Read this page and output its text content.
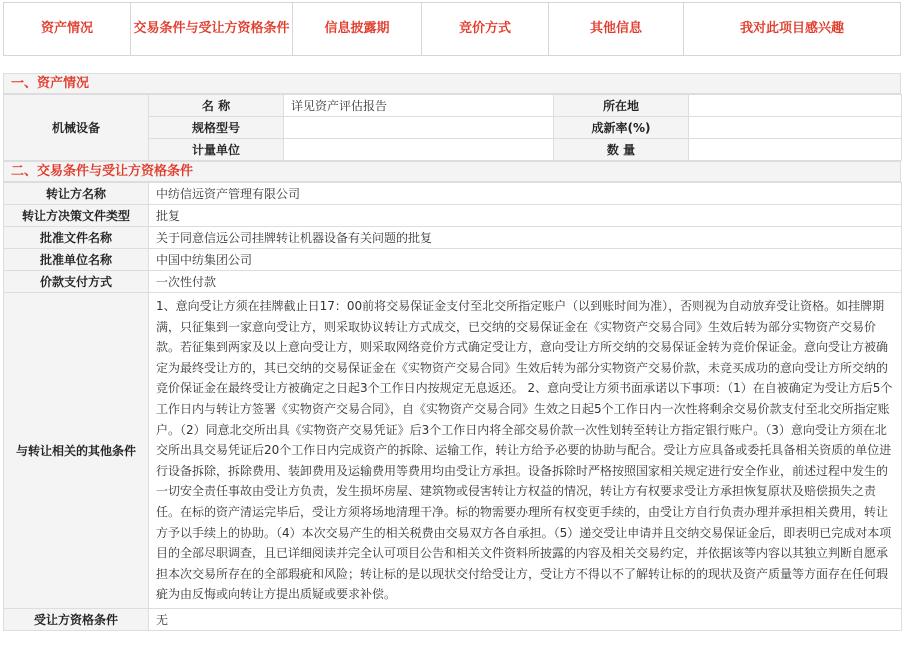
资产情况	交易条件与受让方资格条件	信息披露期	竞价方式	其他信息	我对此项目感兴趣
一、资产情况
机械设备	名 称	详见资产评估报告	所在地	
	规格型号		成新率(%)	
	计量单位		数 量	
二、交易条件与受让方资格条件
转让方名称	中纺信远资产管理有限公司
转让方决策文件类型	批复
批准文件名称	关于同意信远公司挂牌转让机器设备有关问题的批复
批准单位名称	中国中纺集团公司
价款支付方式	一次性付款
与转让相关的其他条件	1、意向受让方须在挂牌截止日17：00前将交易保证金支付至北交所指定账户（以到账时间为准），否则视为自动放弃受让资格。如挂牌期满，只征集到一家意向受让方，则采取协议转让方式成交，已交纳的交易保证金在《实物资产交易合同》生效后转为部分实物资产交易价款。若征集到两家及以上意向受让方，则采取网络竞价方式确定受让方，意向受让方所交纳的交易保证金转为竞价保证金。意向受让方被确定为最终受让方的，其已交纳的交易保证金在《实物资产交易合同》生效后转为部分实物资产交易价款，未竞买成功的意向受让方所交纳的竞价保证金在最终受让方被确定之日起3个工作日内按规定无息返还。 2、意向受让方须书面承诺以下事项：（1）在自被确定为受让方后5个工作日内与转让方签署《实物资产交易合同》，自《实物资产交易合同》生效之日起5个工作日内一次性将剩余交易价款支付至北交所指定账户。（2）同意北交所出具《实物资产交易凭证》后3个工作日内将全部交易价款一次性划转至转让方指定银行账户。（3）意向受让方须在北交所出具交易凭证后20个工作日内完成资产的拆除、运输工作，转让方给予必要的协助与配合。受让方应具备或委托具备相关资质的单位进行设备拆除，拆除费用、装卸费用及运输费用等费用均由受让方承担。设备拆除时严格按照国家相关规定进行安全作业，前述过程中发生的一切安全责任事故由受让方负责，发生损坏房屋、建筑物或侵害转让方权益的情况，转让方有权要求受让方承担恢复原状及赔偿损失之责任。在标的资产清运完毕后，受让方须将场地清理干净。标的物需要办理所有权变更手续的，由受让方自行负责办理并承担相关费用，转让方予以手续上的协助。（4）本次交易产生的相关税费由交易双方各自承担。（5）递交受让申请并且交纳交易保证金后，即表明已完成对本项目的全部尽职调查，且已详细阅读并完全认可项目公告和相关文件资料所披露的内容及相关交易约定，并依据该等内容以其独立判断自愿承担本次交易所存在的全部瑕疵和风险；转让标的是以现状交付给受让方，受让方不得以不了解转让标的的现状及资产质量等方面存在任何瑕疵为由反悔或向转让方提出质疑或要求补偿。
受让方资格条件	无
